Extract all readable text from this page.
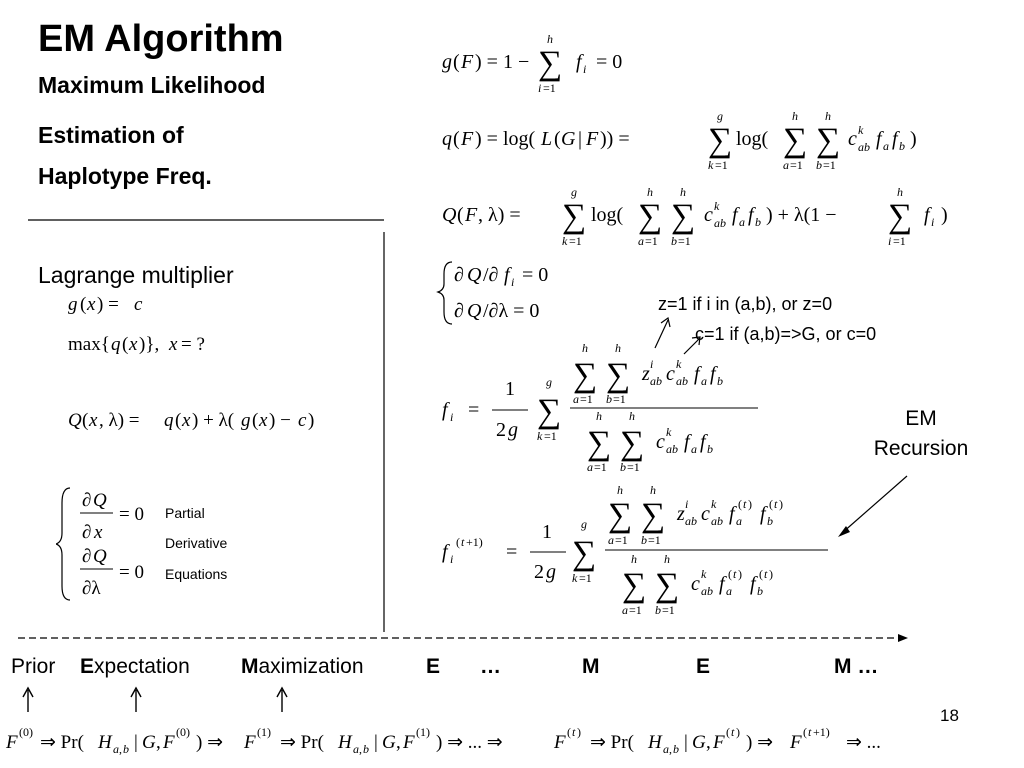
EM Algorithm
Maximum Likelihood
Estimation of
Haplotype Freq.
Lagrange multiplier
g ( x ) = c
max{ q ( x )}, x = ?
Q ( x , λ) = q ( x ) + λ( g ( x ) − c )
∂ Q
∂ x
= 0
∂ Q
∂λ
= 0
Partial
Derivative
Equations
g ( F ) = 1 − ∑
h
i =1
f i = 0
q ( F ) = log( L ( G | F )) = ∑
g
k =1
log( ∑
h
a =1
∑
h
b =1
c k
ab f a f b )
Q ( F , λ) = ∑
g
k =1
log( ∑
h
a =1
∑
h
b =1
c k
ab f a f b ) + λ(1 − ∑
h
i =1
f i )
∂ Q /∂ f i = 0
∂ Q /∂λ = 0
f i =
1
2 g ∑
g
k =1
∑
h
a =1
∑
h
b =1
z i
ab c k
ab f a f b
∑
h
a =1
∑
h
b =1
c k
ab f a f b
f i
( t +1) =
1
2 g ∑
g
k =1
∑
h
a =1
∑
h
b =1
z i
ab c k
ab f a
( t ) f b
( t )
∑
h
a =1
∑
h
b =1
c k
ab f a
( t ) f b
( t )
z=1 if i in (a,b), or z=0
c=1 if (a,b)=>G, or c=0
EM
Recursion
Prior Expectation Maximization	E …	M	E	M …
F (0) ⇒ Pr( H a , b | G , F (0) ) ⇒ F (1) ⇒ Pr( H a , b | G , F (1) ) ⇒ ... ⇒	F ( t ) ⇒ Pr( H a , b | G , F ( t ) ) ⇒ F ( t +1) ⇒ ...
18
